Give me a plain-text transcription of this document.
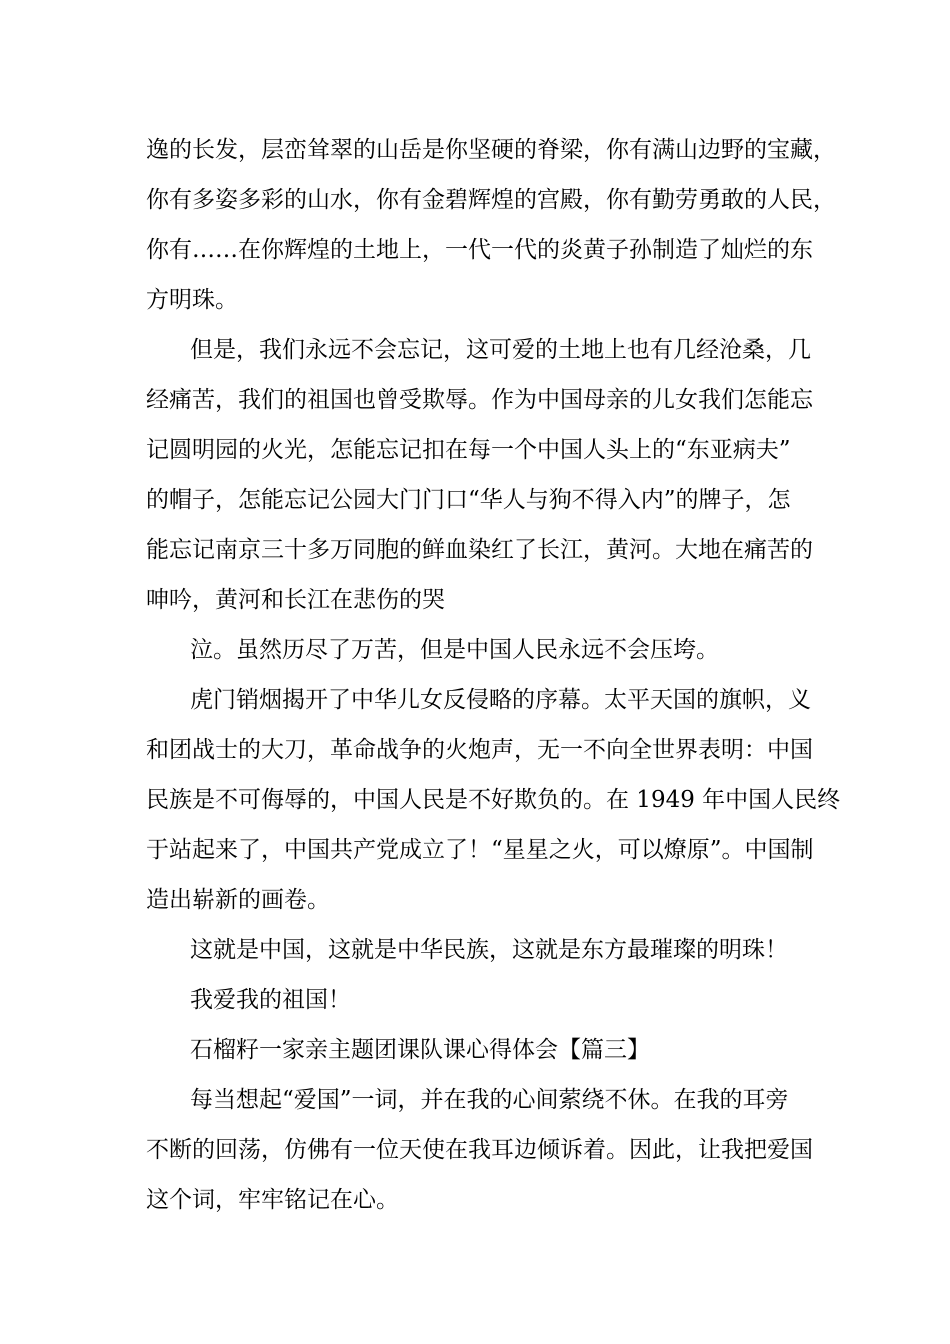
逸的长发，层峦耸翠的山岳是你坚硬的脊梁，你有满山边野的宝藏，
你有多姿多彩的山水，你有金碧辉煌的宫殿，你有勤劳勇敢的人民，
你有……在你辉煌的土地上，一代一代的炎黄子孙制造了灿烂的东
方明珠。
但是，我们永远不会忘记，这可爱的土地上也有几经沧桑，几
经痛苦，我们的祖国也曾受欺辱。作为中国母亲的儿女我们怎能忘
记圆明园的火光，怎能忘记扣在每一个中国人头上的“东亚病夫”
的帽子，怎能忘记公园大门门口“华人与狗不得入内”的牌子，怎
能忘记南京三十多万同胞的鲜血染红了长江，黄河。大地在痛苦的
呻吟，黄河和长江在悲伤的哭
泣。虽然历尽了万苦，但是中国人民永远不会压垮。
虎门销烟揭开了中华儿女反侵略的序幕。太平天国的旗帜，义
和团战士的大刀，革命战争的火炮声，无一不向全世界表明：中国
民族是不可侮辱的，中国人民是不好欺负的。在 1949 年中国人民终
于站起来了，中国共产党成立了！“星星之火，可以燎原”。中国制
造出崭新的画卷。
这就是中国，这就是中华民族，这就是东方最璀璨的明珠！
我爱我的祖国！
石榴籽一家亲主题团课队课心得体会【篇三】
每当想起“爱国”一词，并在我的心间萦绕不休。在我的耳旁
不断的回荡，仿佛有一位天使在我耳边倾诉着。因此，让我把爱国
这个词，牢牢铭记在心。
